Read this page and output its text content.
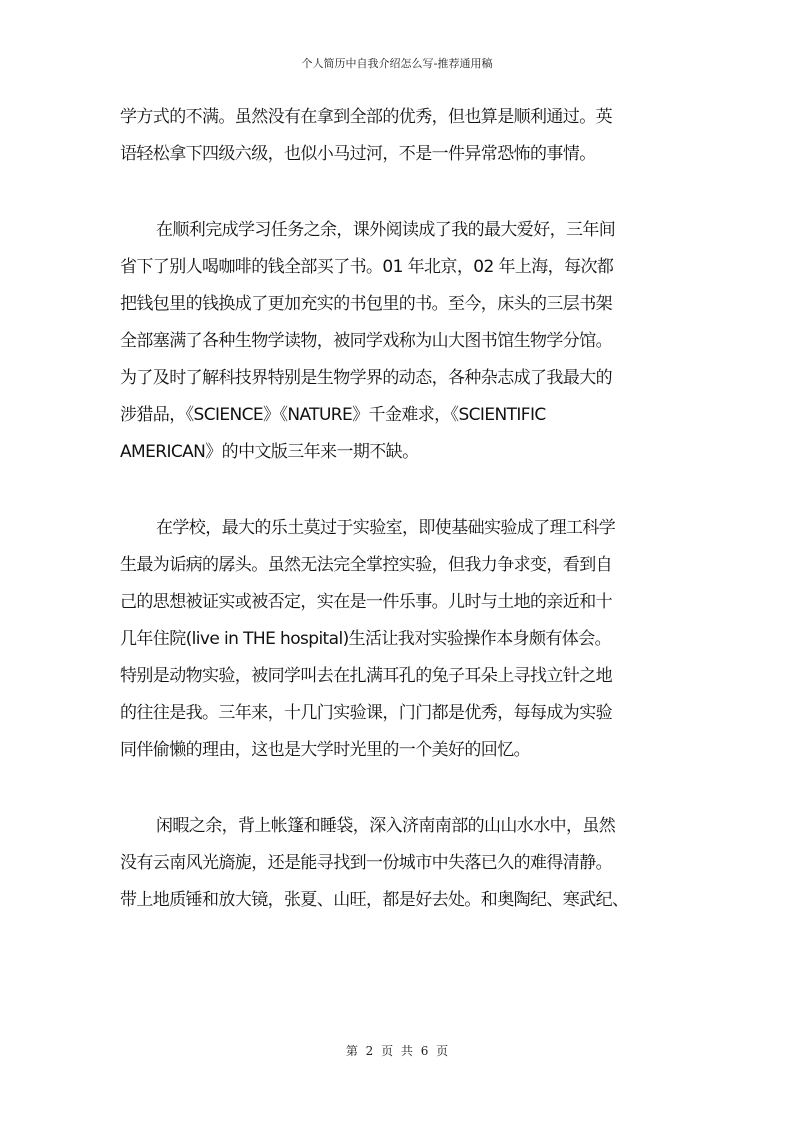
个人简历中自我介绍怎么写-推荐通用稿
学方式的不满。虽然没有在拿到全部的优秀，但也算是顺利通过。英
语轻松拿下四级六级，也似小马过河，不是一件异常恐怖的事情。
在顺利完成学习任务之余，课外阅读成了我的最大爱好，三年间
省下了别人喝咖啡的钱全部买了书。01 年北京，02 年上海，每次都
把钱包里的钱换成了更加充实的书包里的书。至今，床头的三层书架
全部塞满了各种生物学读物，被同学戏称为山大图书馆生物学分馆。
为了及时了解科技界特别是生物学界的动态，各种杂志成了我最大的
涉猎品，《SCIENCE》《NATURE》千金难求，《SCIENTIFIC
AMERICAN》的中文版三年来一期不缺。
在学校，最大的乐土莫过于实验室，即使基础实验成了理工科学
生最为诟病的孱头。虽然无法完全掌控实验，但我力争求变，看到自
己的思想被证实或被否定，实在是一件乐事。儿时与土地的亲近和十
几年住院(live in THE hospital)生活让我对实验操作本身颇有体会。
特别是动物实验，被同学叫去在扎满耳孔的兔子耳朵上寻找立针之地
的往往是我。三年来，十几门实验课，门门都是优秀，每每成为实验
同伴偷懒的理由，这也是大学时光里的一个美好的回忆。
闲暇之余，背上帐篷和睡袋，深入济南南部的山山水水中，虽然
没有云南风光旖旎，还是能寻找到一份城市中失落已久的难得清静。
带上地质锤和放大镜，张夏、山旺，都是好去处。和奥陶纪、寒武纪、
第 2 页 共 6 页
